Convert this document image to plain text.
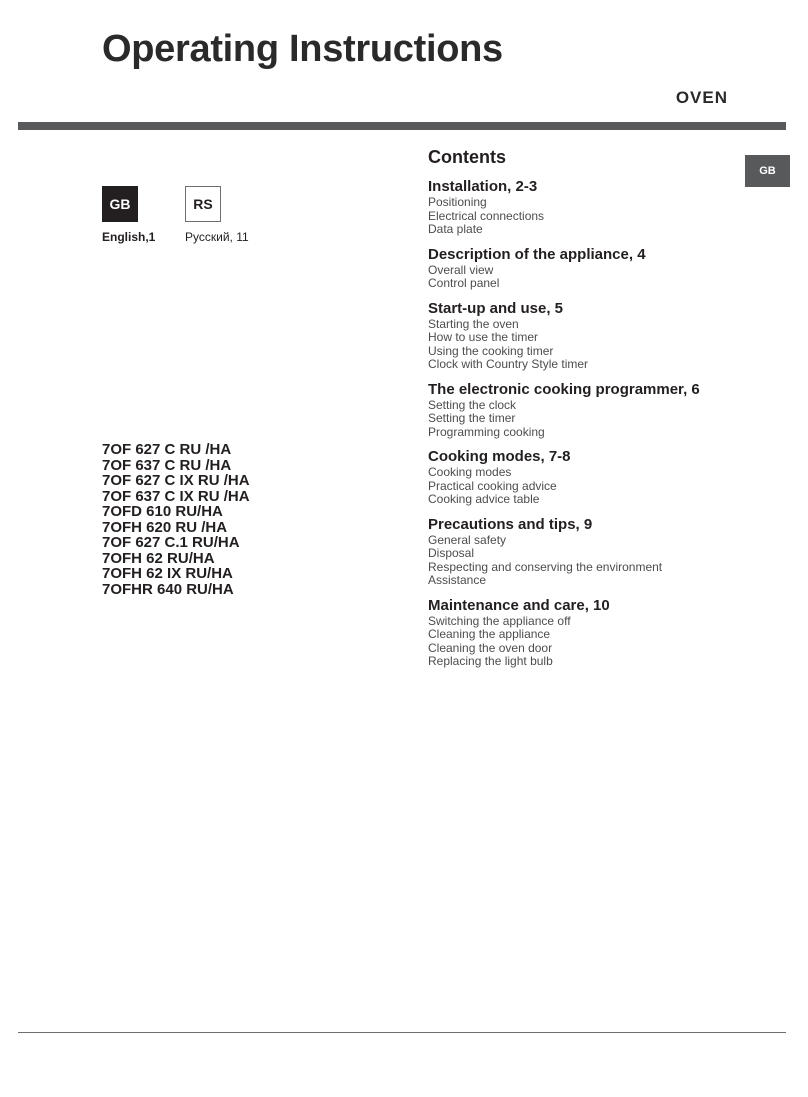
Operating Instructions
OVEN
GB	RS
English,1 Русский, 11
7OF 627 C RU /HA
7OF 637 C RU /HA
7OF 627 C IX RU /HA
7OF 637 C IX RU /HA
7OFD 610 RU/HA
7OFH 620 RU /HA
7OF 627 C.1 RU/HA
7OFH 62 RU/HA
7OFH 62 IX RU/HA
7OFHR 640 RU/HA
Contents
Installation, 2-3
Positioning
Electrical connections
Data plate
Description of the appliance, 4
Overall view
Control panel
Start-up and use, 5
Starting the oven
How to use the timer
Using the cooking timer
Clock with Country Style timer
The electronic cooking programmer, 6
Setting the clock
Setting the timer
Programming cooking
Cooking modes, 7-8
Cooking modes
Practical cooking advice
Cooking advice table
Precautions and tips, 9
General safety
Disposal
Respecting and conserving the environment
Assistance
Maintenance and care, 10
Switching the appliance off
Cleaning the appliance
Cleaning the oven door
Replacing the light bulb
GB
